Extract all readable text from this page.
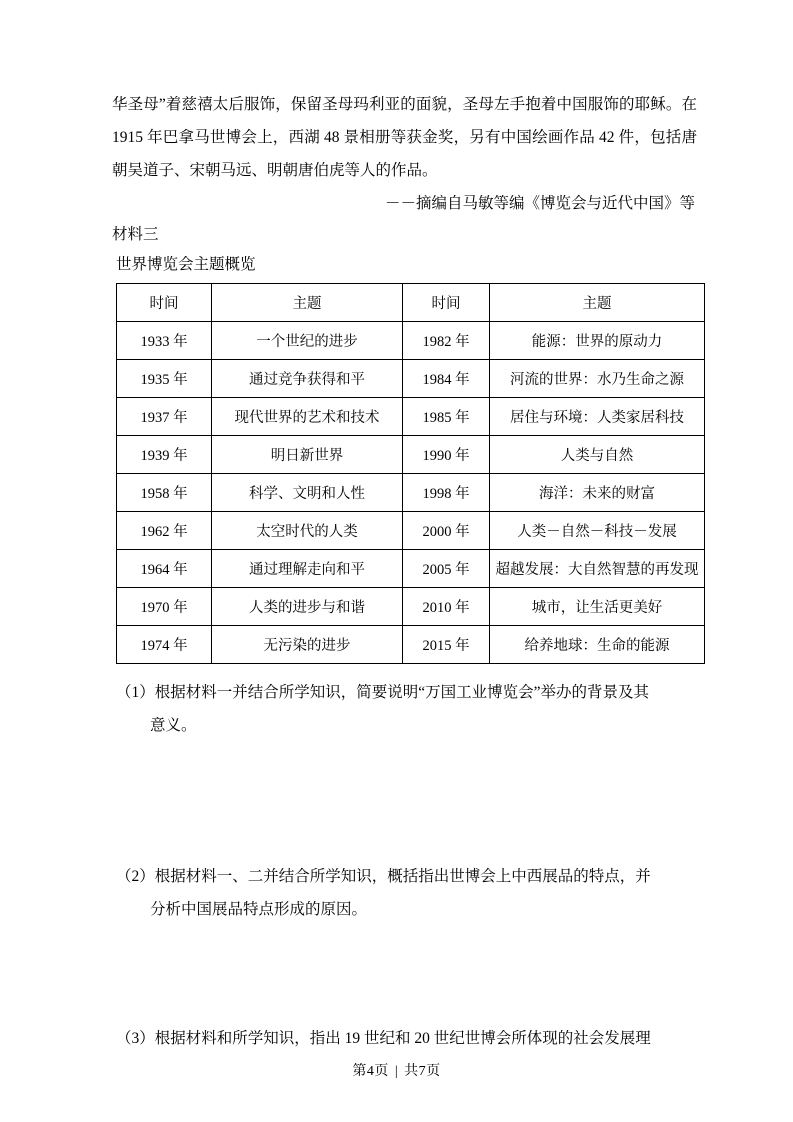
华圣母”着慈禧太后服饰，保留圣母玛利亚的面貌，圣母左手抱着中国服饰的耶稣。在 1915 年巴拿马世博会上，西湖 48 景相册等获金奖，另有中国绘画作品 42 件，包括唐朝吴道子、宋朝马远、明朝唐伯虎等人的作品。

－－摘编自马敏等编《博览会与近代中国》等

材料三

世界博览会主题概览

时间	主题	时间	主题
1933 年	一个世纪的进步	1982 年	能源：世界的原动力
1935 年	通过竞争获得和平	1984 年	河流的世界：水乃生命之源
1937 年	现代世界的艺术和技术	1985 年	居住与环境：人类家居科技
1939 年	明日新世界	1990 年	人类与自然
1958 年	科学、文明和人性	1998 年	海洋：未来的财富
1962 年	太空时代的人类	2000 年	人类－自然－科技－发展
1964 年	通过理解走向和平	2005 年	超越发展：大自然智慧的再发现
1970 年	人类的进步与和谐	2010 年	城市，让生活更美好
1974 年	无污染的进步	2015 年	给养地球：生命的能源

（1）根据材料一并结合所学知识，简要说明“万国工业博览会”举办的背景及其
意义。

（2）根据材料一、二并结合所学知识，概括指出世博会上中西展品的特点，并
分析中国展品特点形成的原因。

（3）根据材料和所学知识，指出 19 世纪和 20 世纪世博会所体现的社会发展理

第4页 | 共7页
